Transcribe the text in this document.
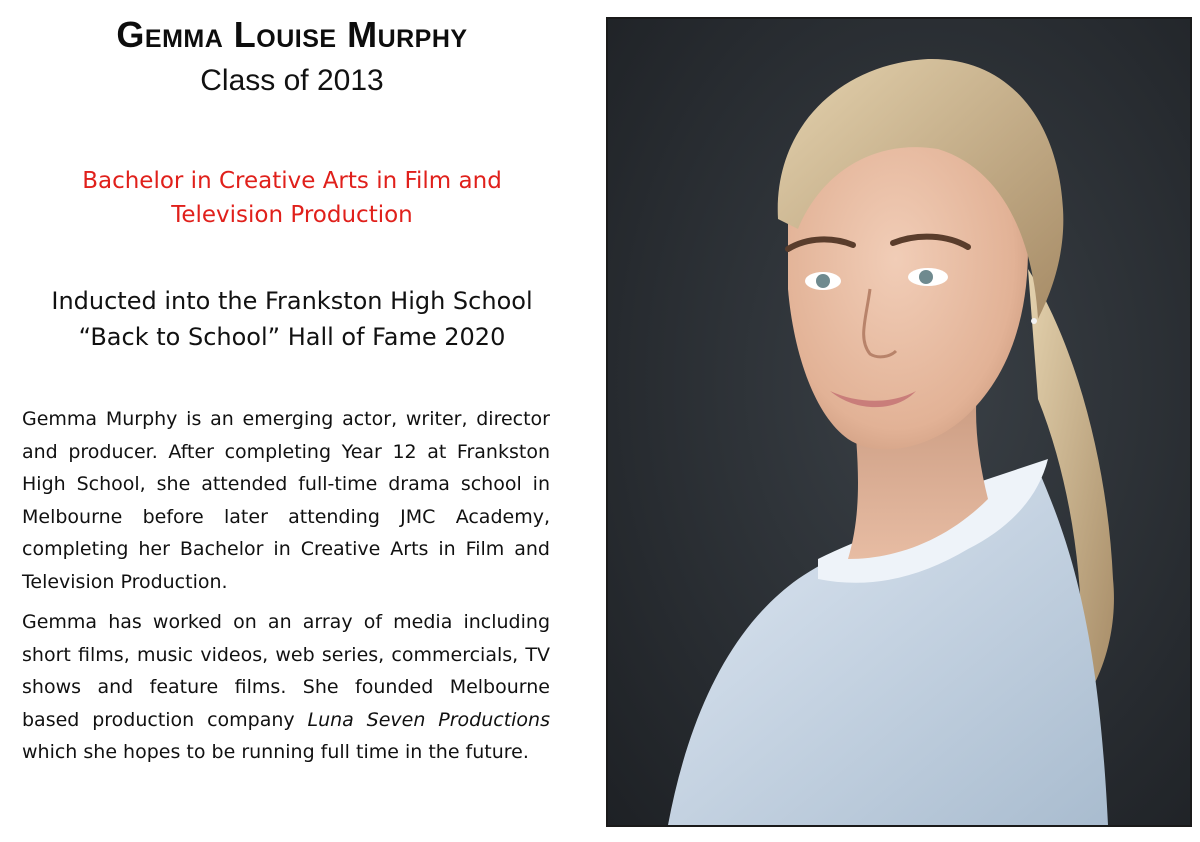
Gemma Louise Murphy
Class of 2013
Bachelor in Creative Arts in Film and
Television Production
Inducted into the Frankston High School
“Back to School” Hall of Fame 2020

Gemma Murphy is an emerging actor, writer, director and producer. After completing Year 12 at Frankston High School, she attended full-time drama school in Melbourne before later attending JMC Academy, completing her Bachelor in Creative Arts in Film and Television Production.

Gemma has worked on an array of media including short films, music videos, web series, commercials, TV shows and feature films. She founded Melbourne based production company Luna Seven Productions which she hopes to be running full time in the future.
